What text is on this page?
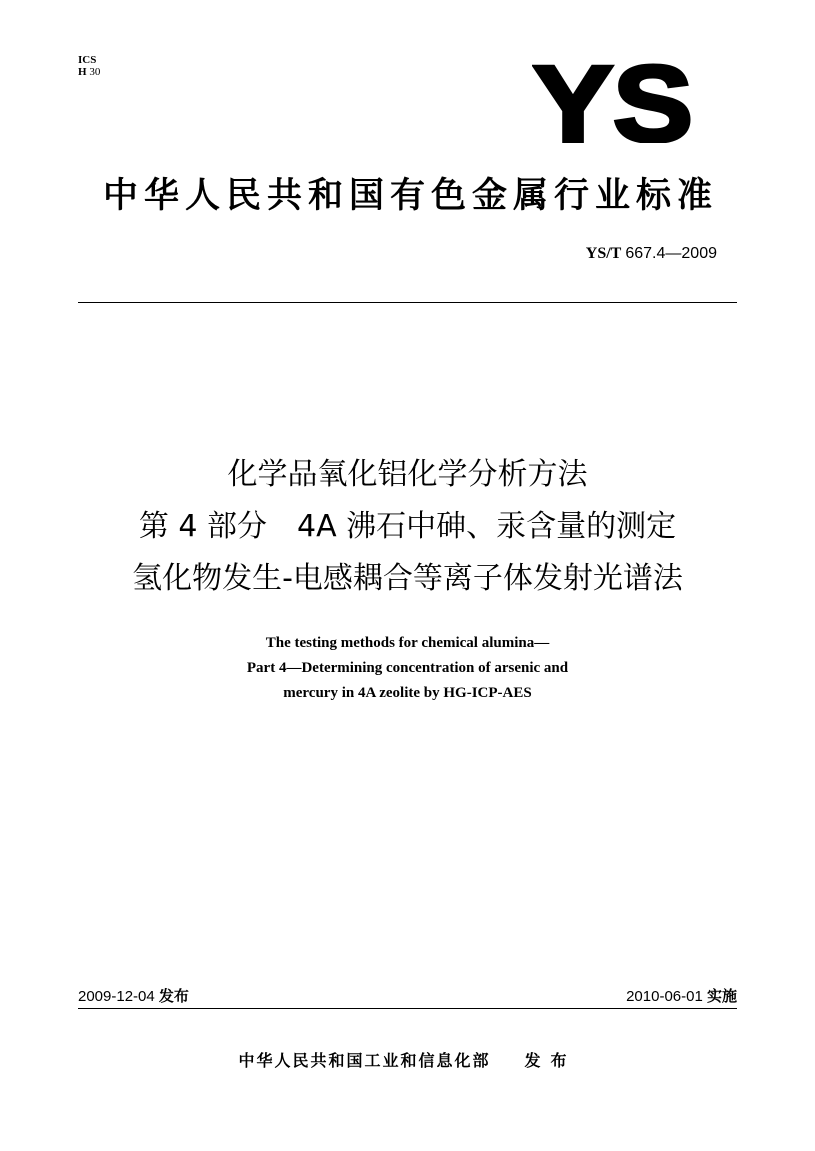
ICS
H 30	YS
中华人民共和国有色金属行业标准
YS/T 667.4—2009
化学品氧化铝化学分析方法
第 4 部分　4A 沸石中砷、汞含量的测定
氢化物发生-电感耦合等离子体发射光谱法
The testing methods for chemical alumina—
Part 4—Determining concentration of arsenic and
mercury in 4A zeolite by HG-ICP-AES
2009-12-04 发布	2010-06-01 实施
中华人民共和国工业和信息化部 发布
